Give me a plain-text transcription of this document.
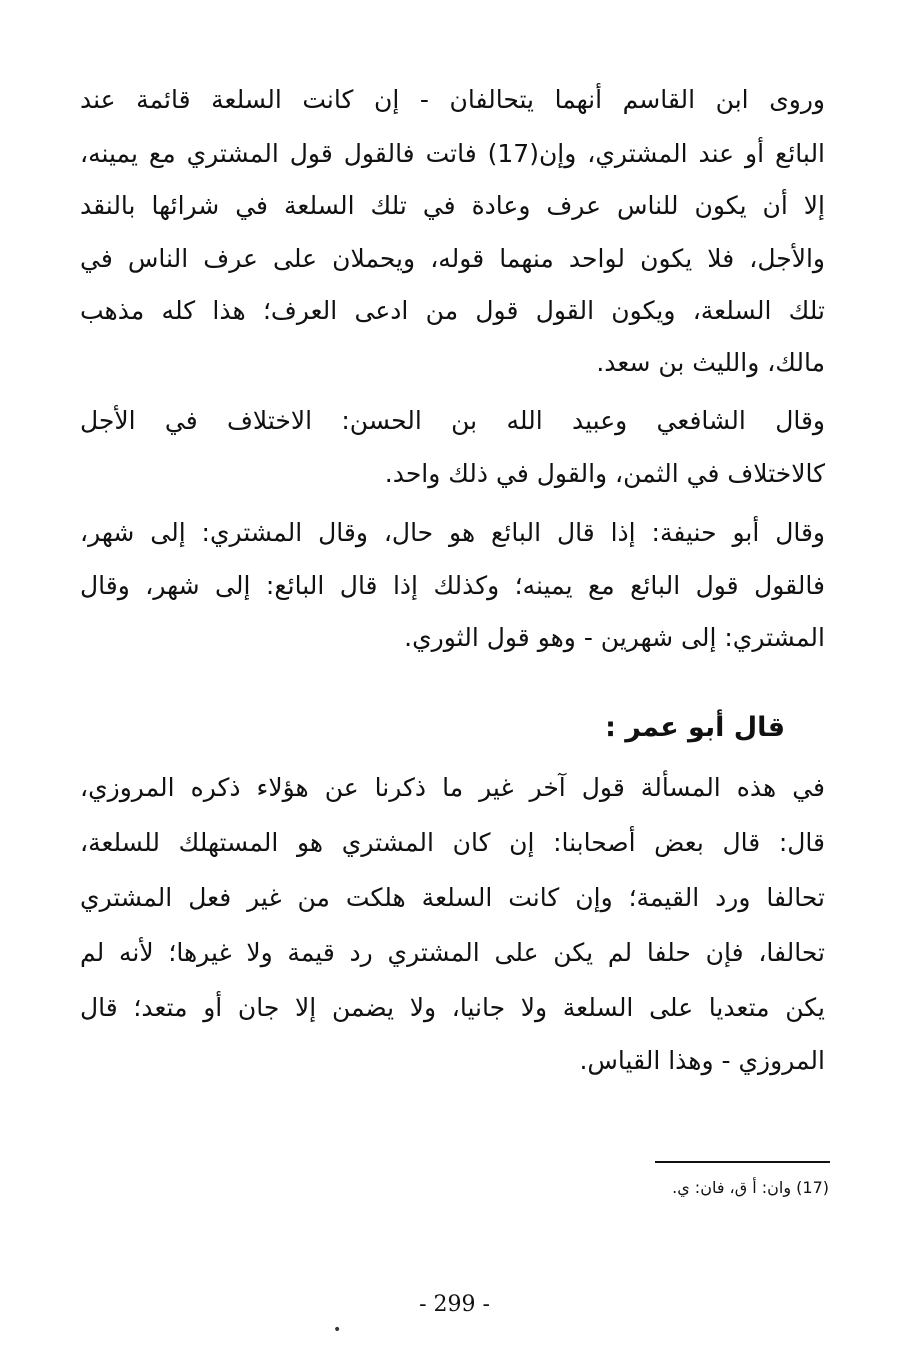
وروى ابن القاسم أنهما يتحالفان - إن كانت السلعة قائمة عند
البائع أو عند المشتري، وإن(17) فاتت فالقول قول المشتري مع يمينه،
إلا أن يكون للناس عرف وعادة في تلك السلعة في شرائها بالنقد
والأجل، فلا يكون لواحد منهما قوله، ويحملان على عرف الناس في
تلك السلعة، ويكون القول قول من ادعى العرف؛ هذا كله مذهب
مالك، والليث بن سعد.
وقال الشافعي وعبيد الله بن الحسن: الاختلاف في الأجل
كالاختلاف في الثمن، والقول في ذلك واحد.
وقال أبو حنيفة: إذا قال البائع هو حال، وقال المشتري: إلى شهر،
فالقول قول البائع مع يمينه؛ وكذلك إذا قال البائع: إلى شهر، وقال
المشتري: إلى شهرين - وهو قول الثوري.
قال أبو عمر :
في هذه المسألة قول آخر غير ما ذكرنا عن هؤلاء ذكره المروزي،
قال: قال بعض أصحابنا: إن كان المشتري هو المستهلك للسلعة،
تحالفا ورد القيمة؛ وإن كانت السلعة هلكت من غير فعل المشتري
تحالفا، فإن حلفا لم يكن على المشتري رد قيمة ولا غيرها؛ لأنه لم
يكن متعديا على السلعة ولا جانيا، ولا يضمن إلا جان أو متعد؛ قال
المروزي - وهذا القياس.
(17) وان: أ ق، فان: ي.
- 299 -
•
